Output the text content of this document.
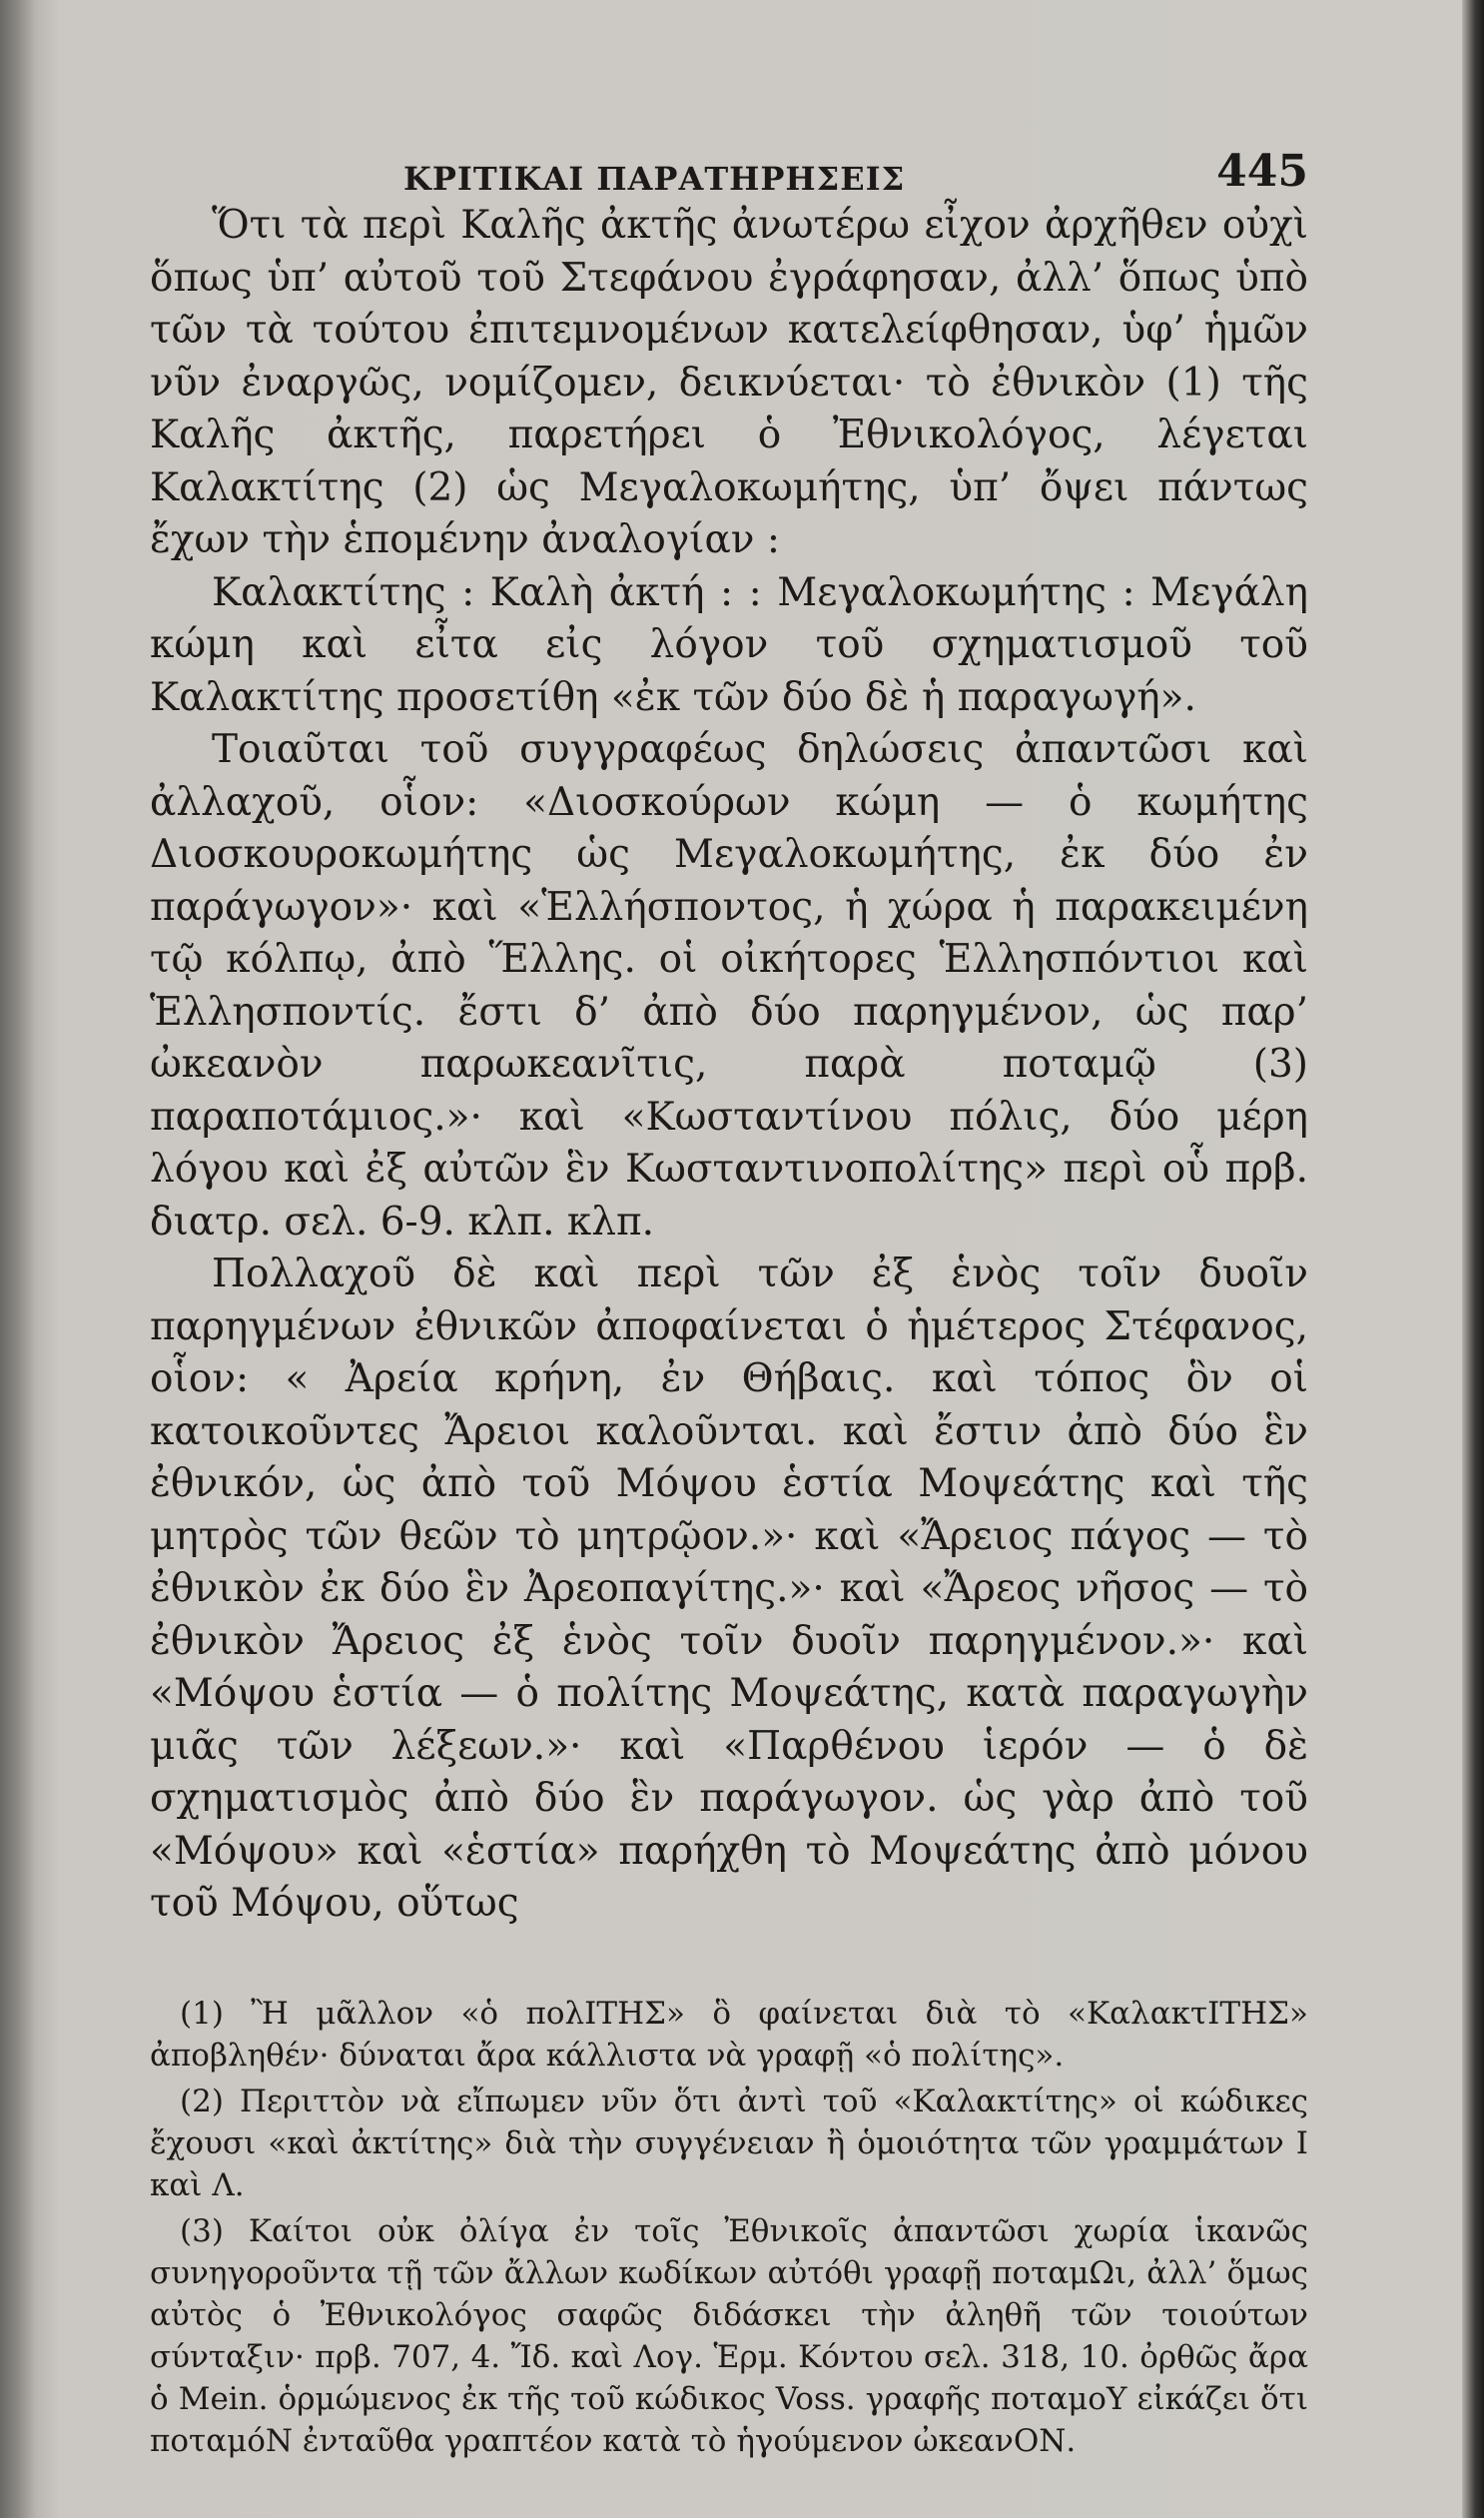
ΚΡΙΤΙΚΑΙ ΠΑΡΑΤΗΡΗΣΕΙΣ	445

Ὅτι τὰ περὶ Καλῆς ἀκτῆς ἀνωτέρω εἶχον ἀρχῆθεν οὐχὶ ὅπως ὑπ’ αὐτοῦ τοῦ Στεφάνου ἐγράφησαν, ἀλλ’ ὅπως ὑπὸ τῶν τὰ τούτου ἐπιτεμνομένων κατελείφθησαν, ὑφ’ ἡμῶν νῦν ἐναργῶς, νομίζομεν, δεικνύεται· τὸ ἐθνικὸν (1) τῆς Καλῆς ἀκτῆς, παρετήρει ὁ Ἐθνικολόγος, λέγεται Καλακτίτης (2) ὡς Μεγαλοκωμήτης, ὑπ’ ὄψει πάντως ἔχων τὴν ἑπομένην ἀναλογίαν :

Καλακτίτης : Καλὴ ἀκτή : : Μεγαλοκωμήτης : Μεγάλη κώμη καὶ εἶτα εἰς λόγον τοῦ σχηματισμοῦ τοῦ Καλακτίτης προσετίθη «ἐκ τῶν δύο δὲ ἡ παραγωγή».

Τοιαῦται τοῦ συγγραφέως δηλώσεις ἀπαντῶσι καὶ ἀλλαχοῦ, οἷον: «Διοσκούρων κώμη — ὁ κωμήτης Διοσκουροκωμήτης ὡς Μεγαλοκωμήτης, ἐκ δύο ἐν παράγωγον»· καὶ «Ἑλλήσποντος, ἡ χώρα ἡ παρακειμένη τῷ κόλπῳ, ἀπὸ Ἕλλης. οἱ οἰκήτορες Ἑλλησπόντιοι καὶ Ἑλλησποντίς. ἔστι δ’ ἀπὸ δύο παρηγμένον, ὡς παρ’ ὠκεανὸν παρωκεανῖτις, παρὰ ποταμῷ (3) παραποτάμιος.»· καὶ «Κωσταντίνου πόλις, δύο μέρη λόγου καὶ ἐξ αὐτῶν ἓν Κωσταντινοπολίτης» περὶ οὗ πρβ. διατρ. σελ. 6-9. κλπ. κλπ.

Πολλαχοῦ δὲ καὶ περὶ τῶν ἐξ ἑνὸς τοῖν δυοῖν παρηγμένων ἐθνικῶν ἀποφαίνεται ὁ ἡμέτερος Στέφανος, οἷον: « Ἀρεία κρήνη, ἐν Θήβαις. καὶ τόπος ὃν οἱ κατοικοῦντες Ἄρειοι καλοῦνται. καὶ ἔστιν ἀπὸ δύο ἓν ἐθνικόν, ὡς ἀπὸ τοῦ Μόψου ἑστία Μοψεάτης καὶ τῆς μητρὸς τῶν θεῶν τὸ μητρῷον.»· καὶ «Ἄρειος πάγος — τὸ ἐθνικὸν ἐκ δύο ἓν Ἀρεοπαγίτης.»· καὶ «Ἄρεος νῆσος — τὸ ἐθνικὸν Ἄρειος ἐξ ἑνὸς τοῖν δυοῖν παρηγμένον.»· καὶ «Μόψου ἑστία — ὁ πολίτης Μοψεάτης, κατὰ παραγωγὴν μιᾶς τῶν λέξεων.»· καὶ «Παρθένου ἱερόν — ὁ δὲ σχηματισμὸς ἀπὸ δύο ἓν παράγωγον. ὡς γὰρ ἀπὸ τοῦ «Μόψου» καὶ «ἑστία» παρήχθη τὸ Μοψεάτης ἀπὸ μόνου τοῦ Μόψου, οὕτως

(1) Ἢ μᾶλλον «ὁ πολΙΤΗΣ» ὃ φαίνεται διὰ τὸ «ΚαλακτΙΤΗΣ» ἀποβληθέν· δύναται ἄρα κάλλιστα νὰ γραφῇ «ὁ πολίτης».

(2) Περιττὸν νὰ εἴπωμεν νῦν ὅτι ἀντὶ τοῦ «Καλακτίτης» οἱ κώδικες ἔχουσι «καὶ ἀκτίτης» διὰ τὴν συγγένειαν ἢ ὁμοιότητα τῶν γραμμάτων Ι καὶ Λ.

(3) Καίτοι οὐκ ὀλίγα ἐν τοῖς Ἐθνικοῖς ἀπαντῶσι χωρία ἱκανῶς συνηγοροῦντα τῇ τῶν ἄλλων κωδίκων αὐτόθι γραφῇ ποταμΩι, ἀλλ’ ὅμως αὐτὸς ὁ Ἐθνικολόγος σαφῶς διδάσκει τὴν ἀληθῆ τῶν τοιούτων σύνταξιν· πρβ. 707, 4. Ἴδ. καὶ Λογ. Ἑρμ. Κόντου σελ. 318, 10. ὀρθῶς ἄρα ὁ Mein. ὁρμώμενος ἐκ τῆς τοῦ κώδικος Voss. γραφῆς ποταμοΥ εἰκάζει ὅτι ποταμόΝ ἐνταῦθα γραπτέον κατὰ τὸ ἡγούμενον ὠκεανΟΝ.
